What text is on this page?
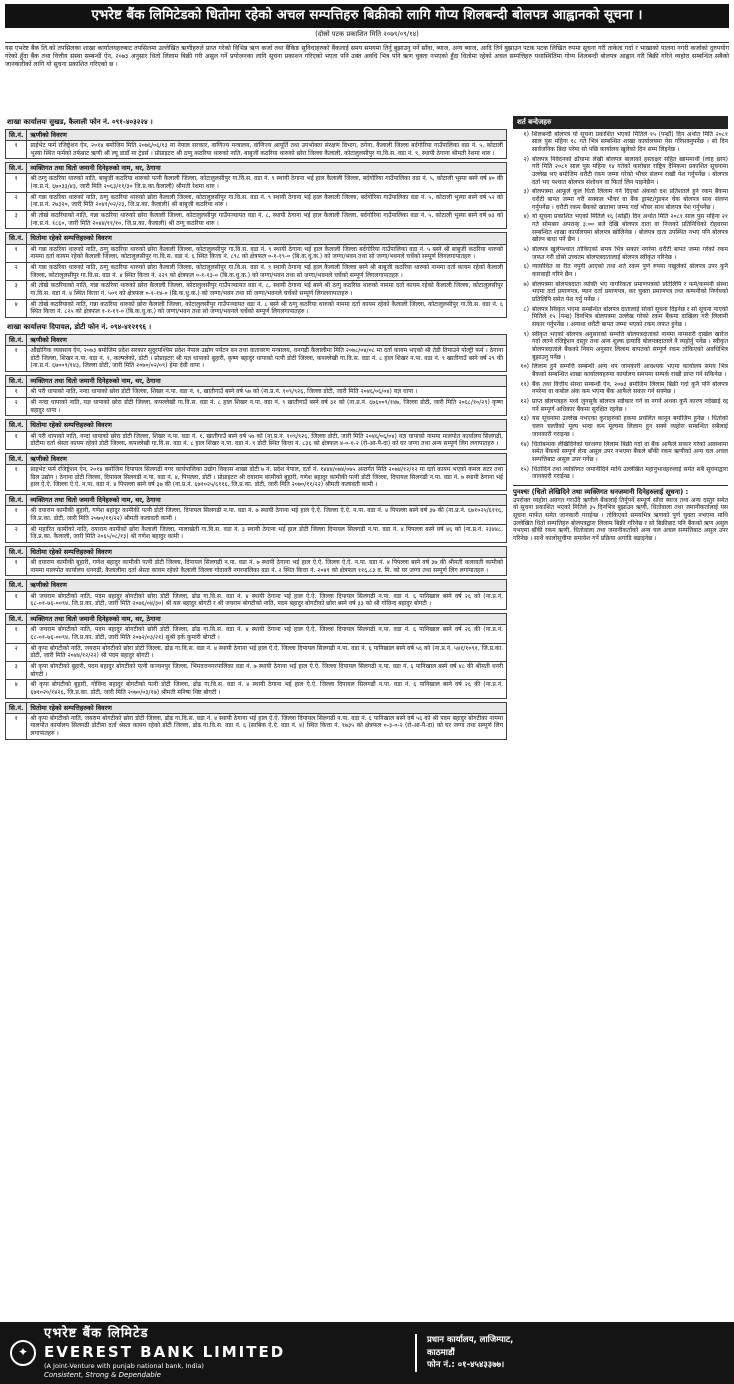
एभरेष्ट बैंक लिमिटेडको धितोमा रहेको अचल सम्पत्तिहरु बिक्रीको लागि गोप्य शिलबन्दी बोलपत्र आह्वानको सूचना ।
(दोस्रो पटक प्रकाशित मिति २०७९/०९/१४)
यस एभरेष्ट बैंक लि.को तपसिलका शाखा कार्यालयहरुबाट तपसिलमा उल्लेखित ऋणीहरुले प्राप्त गरेको विभिन्न ऋण कर्जा तथा बैंकिङ सुविधाहरुको बैंकलाई समय समयमा तिर्नु बुझाउनु पर्ने साँवा, ब्याज, अन्य ब्याज, आदि तिर्न बुझाउन पटक पटक लिखित रुपमा सूचना गरी ताकेता गर्दा र भाखाको पालना नगरी कर्जाको दुरुपयोग गरेको हुँदा बैंक तथा वित्तीय संस्था सम्बन्धी ऐन, २०७३ अनुसार धितो लिलाम बिक्री गरी असुल गर्ने प्रयोजनका लागि सूचना प्रकाशन गरिएको भएता पनि उक्त अवधि भित्र पनि ऋण चुक्ता नभएको हुँदा धितोमा रहेको अचल सम्पत्तिहरु यथास्थितिमा गोप्य शिलबन्दी बोलपत्र आह्वान गरी बिक्री गरिने व्यहोरा सम्बन्धित सबैको जानकारीको लागि यो सूचना प्रकाशित गरिएको छ ।
शाखा कार्यालयः सुखड, कैलाली फोन नं. ०९१-४०३२२४ ।
सि.नं.	ऋणीको विवरण
१	प्राईभेट फर्म रजिष्ट्रेशन ऐन, २०१४ बमोजिम मिति २०७६/०६/१३ मा नेपाल सरकार, वाणिज्य मन्त्रालय, वाणिज्य आपूर्ति तथा उपभोक्ता संरक्षण विभाग, ठगेना, कैलाली जिल्ला बर्दगोरिया गाउँपालिका वडा नं. ५, कोटाली भुस्या स्थित फर्मको तर्फबाट ऋणी श्री ल्यू डाडाँ मा ट्रेडर्स । प्रोप्राइटरः श्री ठग्गु कठरिया थारुको नाति, बाबुजी कठरिया थारुको छोरा जिल्ला कैलाली, कोटालुलसीपुर गा.वि.स. वडा नं. ९, स्थायी ठेगाना श्रीमती रेशमा थारु ।
सि.नं.	व्यक्तिगत तथा धितो जमानी दिनेहरुको नाम, थर, ठेगाना
१	श्री ठग्गु कठरिया थारुको नाति, बाबुजी कठरिया थारुको पत्नी कैलाली जिल्ला, कोटालुलसीपुर गा.वि.स. वडा नं. ९ स्थायी ठेगाना भई हाल कैलाली जिल्ला, बर्दगोरिया गाउँपालिका वडा नं. ५, कोटाली भुस्या बस्ने वर्ष ४० की (ना.प्र.नं. ६७०३३/४३, जारी मिति २०६३/११/३० जि.प्र.का.कैलाली) श्रीमती रेशमा थारु ।
२	श्री गन्ना कठरिया थारुको नाति, ठग्गु कठरिया थारुको छोरा कैलाली जिल्ला, कोटालुलसीपुर गा.वि.स. वडा नं. ९ स्थायी ठेगाना भई हाल कैलाली जिल्ला, बर्दगोरिया गाउँपालिका वडा नं. ५, कोटाली भुस्या बस्ने वर्ष ५२ को (ना.प्र.नं. २७३२०, जारी मिति २०४१/०२/२३, जि.प्र.का. कैलाली) श्री बाबुजी कठरिया थारु ।
३	श्री तोखे कठरियाको नाति, गन्ना कठरिया थारुको छोरा कैलाली जिल्ला, कोटालुलसीपुर गाउँपञ्चायत वडा नं. ८, स्थायी ठेगाना भई हाल कैलाली जिल्ला, बर्दगोरिया गाउँपालिका वडा नं. ५, कोटाली भुस्या बस्ने वर्ष ७३ को (ना.प्र.नं. १८६०, जारी मिति २०४४/११/१०, जि.प्र.का. कैलाली) श्री ठग्गु कठरिया थारु ।
सि.नं.	धितोमा रहेको सम्पत्तिहरुको विवरण
१	श्री गन्ना कठरिया थारुको नाति, ठग्गु कठरिया थारुको छोरा कैलाली जिल्ला, कोटालुलसीपुर गा.वि.स. वडा नं. ९ स्थायी ठेगाना भई हाल कैलाली जिल्ला बर्दगोरिया गाउँपालिका वडा नं. ५ बस्ने श्री बाबुजी कठरिया थारुको नाममा दर्ता कायम रहेको कैलाली जिल्ला, कोटालुलसीपुर गा.वि.स. वडा नं. ६ स्थित कित्ता नं. ८९८ को क्षेत्रफल ०-१-१९-० (बि.क.धु.क.) को जग्गा/भवन तथा सो जग्गा/भवनले चर्चेको सम्पूर्ण लिगलगापातहरु ।
२	श्री गन्ना कठरिया थारुको नाति, ठग्गु कठरिया थारुको छोरा कैलाली जिल्ला, कोटालुलसीपुर गा.वि.स. वडा नं. ९ स्थायी ठेगाना भई हाल कैलाली जिल्ला बस्ने श्री बाबुजी कठरिया थारुको नाममा दर्ता कायम रहेको कैलाली जिल्ला, कोटालुलसीपुर गा.वि.स. वडा नं. ४ स्थित कित्ता नं. २२९ को क्षेत्रफल ०-१-१३-० (बि.क.धु.क.) को जग्गा/भवन तथा सो जग्गा/भवनले चर्चेको सम्पूर्ण लिगलगापातहरु ।
३	श्री तोखे कठरियाको नाति, गन्ना कठरिया थारुको छोरा कैलाली जिल्ला, कोटालुलसीपुर गाउँपञ्चायत वडा नं. ८, स्थायी ठेगाना भई बस्ने श्री ठग्गु कठरिया थारुको नाममा दर्ता कायम रहेको कैलाली जिल्ला, कोटालुलसीपुर गा.वि.स. वडा नं. ४ स्थित कित्ता नं. ५०९ को क्षेत्रफल ०-१-१४-० (बि.क.धु.क.) को जग्गा/भवन तथा सो जग्गा/भवनले चर्चेको सम्पूर्ण लिगलगापातहरु ।
४	श्री तोखे कठरियाको नाति, गन्ना कठरिया थारुको छोरा कैलाली जिल्ला, कोटालुलसीपुर गाउँपञ्चायत वडा नं. ८ बस्ने श्री ठग्गु कठरिया थारुको नाममा दर्ता कायम रहेको कैलाली जिल्ला, कोटालुलसीपुर गा.वि.स. वडा नं. ६ स्थित कित्ता नं. ८२५ को क्षेत्रफल १-१-१९-० (बि.क.धु.क.) को जग्गा/भवन तथा सो जग्गा/भवनले चर्चेको सम्पूर्ण लिगलगापातहरु ।
शाखा कार्यालयः दिपायल, डोटी फोन नं. ०९४-४१२१९६ ।
सि.नं.	ऋणीको विवरण
१	औद्योगिक व्यवसाय ऐन, २०७३ बमोजिम प्रदेश सरकार सुदुरपश्चिम प्रदेश नेपाल उद्योग पर्यटन वन तथा वातावरण मन्त्रालय, धनगढी कैलालीमा मिति २०७८/०४/०८ मा दर्ता कायम भएको श्री तेडी तिमाउने पोल्ट्री फर्म । ठेगाना डोटी जिल्ला, शिखर न.पा. वडा नं. १, कल्पलेको, डोटी । प्रोप्राइटरः श्री यज्ञ धापाको बुहारी, कृष्ण बहादुर धापाको पत्नी डोटी जिल्ला, कपल्लेखी गा.वि.स. वडा नं. ८ हाल शिखर न.पा. वडा नं. ९ खातीगाउँ बस्ने वर्ष २९ की (ना.प्र.नं. ६७००९/१४३, जिल्ला डोटी, जारी मिति २०७०/०२/०९) हेमा देवी धापा ।
सि.नं.	व्यक्तिगत तथा धितो जमानी दिनेहरुको नाम, थर, ठेगाना
१	श्री परी धापाको नाति, नन्दा धापाको छोरा डोटी जिल्ला, शिखर न.पा. वडा नं. १, खातीगाउँ बस्ने वर्ष ५७ को (ना.प्र.नं. १०९/९२६, जिल्ला डोटी, जारी मिति २०४६/०६/०४) यज्ञ धापा ।
२	श्री नन्दा धापाको नाति, यज्ञ धापाको छोरा डोटी जिल्ला, कपल्लेखी गा.वि.स. वडा नं. ८ हाल शिखर न.पा. वडा नं. ९ खातीगाउँ बस्ने वर्ष ३१ को (ना.प्र.नं. ६७६००९/१४७, जिल्ला डोटी, जारी मिति २०६८/१०/२९) कृष्ण बहादुर धापा ।
सि.नं.	धितोमा रहेको सम्पत्तिहरुको विवरण
१	श्री परी धापाको नाति, नन्दा धापाको छोरा डोटी जिल्ला, शिखर न.पा. वडा नं. १, खातीगाउँ बस्ने वर्ष ५७ को (ना.प्र.नं. १०९/९२६, जिल्ला डोटी, जारी मिति २०४६/०६/०४) यज्ञ धापाको नाममा मालपोत कार्यालय सिलगढी, डोटीमा दर्ता श्रेस्ता कायम रहेको डोटी जिल्ला, कपल्लेखी गा.वि.स. वडा नं. ८ हाल शिखर न.पा. वडा नं. ९ डोटी स्थित कित्ता नं. ८३६ को क्षेत्रफल ४-०-१-२ (रो-आ-पै-दा) को घर जग्गा तथा अन्य सम्पूर्ण लिग लगापातहरु ।
सि.नं.	ऋणीको विवरण
१	प्राइभेट फर्म रजिष्ट्रेशन ऐन, २०१४ बमोजिम दिपायल सिलगढी नगर कार्यपालिका उद्योग विकास शाखा डोटी ७ नं. प्रदेश नेपाल, दर्ता नं. १४४४/०७४/०७५ अन्तर्गत मिति २०७४/१२/१२ मा दर्ता कायम भएको कमल सटर तथा ग्रिल उद्योग । ठेगाना डोटी जिल्ला, दिपायल सिलगढी न.पा. वडा नं. ४, पिपल्ला, डोटी । प्रोप्राइटरः श्री दयाराम कामीको बुहारी, गणेश बहादुर कामीकी पत्नी डोटी जिल्ला, दिपायल सिलगढी न.पा. वडा नं. ७ स्थायी ठेगाना भई हाल ऐ.ऐ. जिल्ला ऐ.ऐ. न.पा. वडा नं. ४ पिपल्ला बस्ने वर्ष ३७ की (ना.प्र.नं. ६७१०२५/६११६, जि.प्र.का. डोटी, जारी मिति २०७०/११/२२) श्रीमती कलावती कामी ।
सि.नं.	व्यक्तिगत तथा धितो जमानी दिनेहरुको नाम, थर, ठेगाना
१	श्री दयाराम कामीकी बुहारी, गणेश बहादुर कामीकी पत्नी डोटी जिल्ला, दिपायल सिलगढी न.पा. वडा नं. ७ स्थायी ठेगाना भई हाल ऐ.ऐ. जिल्ला ऐ.ऐ. न.पा. वडा नं. ४ पिपल्ला बस्ने वर्ष ३७ की (ना.प्र.नं. ६७१०२५/६११६, जि.प्र.का. डोटी, जारी मिति २०७०/११/२२) श्रीमती कलावती कामी ।
२	श्री महारित कामीको नाति, दयाराम कामीको छोरा कैलाली जिल्ला, मालाखेती गा.वि.स. वडा नं. ३ स्थायी ठेगाना भई हाल डोटी जिल्ला दिपायल सिलगढी न.पा. वडा नं. ४ पिपल्ला बस्ने वर्ष ४६ को (ना.प्र.नं. २३४४८, जि.प्र.का. कैलाली, जारी मिति २०६५/०८/१३) श्री गणेश बहादुर कामी ।
सि.नं.	धितोमा रहेको सम्पत्तिहरुको विवरण
१	श्री दयाराम कामीकी बुहारी, गणेश बहादुर कामीकी पत्नी डोटी जिल्ला, दिपायल सिलगढी न.पा. वडा नं. ७ स्थायी ठेगाना भई हाल ऐ.ऐ. जिल्ला ऐ.ऐ. न.पा. वडा नं. ४ पिपल्ला बस्ने वर्ष ३७ की श्रीमती कलावती कामीको नाममा मालपोत कार्यालय धनगढी, कैलालीमा दर्ता श्रेस्ता कायम रहेको कैलाली जिल्ला गोदावरी नगरपालिका वडा नं. २ स्थित कित्ता नं. २०४१ को क्षेत्रफल ११६.८३ व. मि. को घर जग्गा तथा सम्पूर्ण लिग लगापातहरु ।
सि.नं.	ऋणीको विवरण
१	श्री जयराम बोगटीको नाति, पदम बहादुर बोगटीको छोरा डोटी जिल्ला, ढोढ गा.वि.स. वडा नं. ४ स्थायी ठेगाना भई हाल ऐ.ऐ. जिल्ला दिपायल सिलगढी न.पा. वडा नं. ६ पानिखाल बस्ने वर्ष २६ को (ना.प्र.नं. ६८-०१-७६-००९४, जि.प्र.का. डोटी, जारी मिति २०७६/०४/३०) श्री यस बहादुर बोगटी र श्री जयराम बोगटीको नाति, पदम बहादुर बोगटीको छोरा बस्ने वर्ष ३३ को श्री गोविन्द बहादुर बोगटी ।
सि.नं.	व्यक्तिगत तथा धितो जमानी दिनेहरुको नाम, थर, ठेगाना
१	श्री जयराम बोगटीको नाति, पदम बहादुर बोगटीको छोरी डोटी जिल्ला, ढोढ गा.वि.स. वडा नं. ४ स्थायी ठेगाना भई हाल ऐ.ऐ. जिल्ला दिपायल सिलगढी न.पा. वडा नं. ६ पानिखाल बस्ने वर्ष २६ की (ना.प्र.नं. ६८-०१-७६-००९४, जि.प्र.का. डोटी, जारी मिति २०७२/०३/२१) सुश्री हर्क कुमारी बोगटी ।
२	श्री कृपा बोगटीको नाति, जयराम बोगटीको छोरा डोटी जिल्ला, ढोढ गा.वि.स. वडा नं. ४ स्थायी ठेगाना भई हाल ऐ.ऐ. जिल्ला दिपायल सिलगढी न.पा. वडा नं. ६ पानिखाल बस्ने वर्ष ५६ को (ना.प्र.नं. ५४१/१०९१, जि.प्र.का. डोटी, जारी मिति २०४४/१२/२२) श्री पदम बहादुर बोगटी ।
३	श्री कृपा बोगटीको बुहारी, पदम बहादुर बोगटीको पत्नी कञ्चनपुर जिल्ला, भिमदत्तनगरपालिका वडा नं. ७ स्थायी ठेगाना भई हाल ऐ.ऐ. जिल्ला दिपायल सिलगढी न.पा. वडा नं. ६ पानिखाल बस्ने वर्ष ४८ की श्रीमती धनरी बोगटी ।
४	श्री कृपा बोगटीको बुहारी, गोविन्द बहादुर बोगटीको पत्नी डोटी जिल्ला, ढोढ गा.वि.स. वडा नं. ४ स्थायी ठेगाना भई हाल ऐ.ऐ. जिल्ला दिपायल सिलगढी न.पा. वडा नं. ६ पानिखाल बस्ने वर्ष २६ की (ना.प्र.नं. ६७१०२०/१४२६, जि.प्र.का. डोटी, जारी मिति २०७०/०३/१७) श्रीमती मनिषा थिष्ट बोगटी ।
सि.नं.	धितोमा रहेको सम्पत्तिहरुको विवरण
१	श्री कृपा बोगटीको नाति, जयराम बोगटीको छोरा डोटी जिल्ला, ढोढ गा.वि.स. वडा नं. ४ स्थायी ठेगाना भई हाल ऐ.ऐ. जिल्ला दिपायल सिलगढी न.पा. वडा नं. ६ पानिखाल बस्ने वर्ष ५६ को श्री पदम बहादुर बोगटीका नाममा मालपोत कार्यालय सिलगढी डोटीमा दर्ता श्रेस्ता कायम रहेको डोटी जिल्ला, ढोढ गा.वि.स. वडा नं. ६ (साबिक ऐ.ऐ. वडा नं. ४) स्थित कित्ता नं. १७३५ को क्षेत्रफल ०-३-०-२ (रो-आ-पै-दा) को घर जग्गा तथा सम्पूर्ण लिग लगापातहरु ।
शर्त बन्देजहरु
१) शिलबन्दी बोलपत्र यो सूचना प्रकाशित भएको मितिले १५ (पन्ध्रौं) दिन अर्थात मिति २०८१ साल पुस महिना १८ गते भित्र सम्बन्धित शाखा कार्यालयमा पेस गरिसक्नुपर्नेछ । सो दिन सार्वजनिक बिदा परेमा सो पछि कार्यालय खुलेको दिन सम्म लिइनेछ ।
२) बोलपत्र निवेदनको ढाँचामा लेखी बोलपत्र बालाको हस्ताक्षर सहित खाममाथी (लाह छाप) गरी मिति २०८१ साल पुस महिना १४ गतेको कारोबार राष्ट्रिय दैनिकमा प्रकाशित सूचनामा उल्लेख भए बमोजिम धरौटी रकम जम्मा गरेको भौचर संलग्न राखी पेश गर्नुपर्नेछ । बोलपत्र दर्ता भए पश्चात बोलपत्र संशोधन वा फिर्ता लिन पाइनेछैन ।
३) बोलपत्रमा आफूले कुल धितो लिलाम गर्न दिएको अंकको दश प्रतिशतले हुने रकम बैंकमा धरौटी बापत जम्मा गरी सक्कल भौचर वा बैंक ड्राफ्ट/गुडफर चेक बोलपत्र साथ संलग्न गर्नुपर्नेछ । धरौटी रकम बैंकको खातामा जम्मा गर्दा भौचर साथ बोलपत्र पेश गर्नुपर्नेछ ।
४) यो सूचना प्रकाशित भएको मितिले १६ (सोह्रौं) दिन अर्थात मिति २०८१ साल पुस महिना २१ गते सोमबार अपरान्ह ३:०० बजे देखि बोलपत्र दाता वा निजको प्रतिनिधिको रोहवरमा सम्बन्धित शाखा कार्यालयमा बोलपत्र खोलिनेछ । बोलपत्र दाता उपस्थित नभए पनि बोलपत्र खोल्न बाधा पर्ने छैन ।
५) बोलपत्र खुलेपश्चात तोकिएको समय भित्र सकार नगरेमा धरौटी बापत जम्मा गरेको रकम जफत गरी दोस्रो उच्चतम बोलपत्रदातालाई बोलपत्र स्वीकृत गरिनेछ ।
६) न्यायोचित वा रीत नपुगी आएको तथा शर्त रकम पूर्ण रुपमा नखुलेको बोलपत्र उपर कुनै कारवाही गरिने छैन ।
७) बोलपत्रमा बोलपत्रदाता व्यक्ति भए नागरिकता प्रमाणपत्रको प्रतिलिपि र फर्म/कम्पनी संस्था भएमा दर्ता प्रमाणपत्र, प्यान दर्ता प्रमाणपत्र, कर चुक्ता प्रमाणपत्र तथा कम्पनीको निर्णयको प्रतिलिपि समेत पेश गर्नु पर्नेछ ।
८) बोलपत्र स्विकृत भएमा सम्बन्धित बोलपत्र दातालाई सोको सूचना दिइनेछ र सो सूचना पाएको मितिले १५ (पन्ध्र) दिनभित्र बोलपत्रमा उल्लेख गरेको रकम बैंकमा दाखिला गरी लिलामी सकार गर्नुपर्नेछ । अन्यथा धरौटी बापत जम्मा भएको रकम जफत हुनेछ ।
९) स्वीकृत भएको बोलपत्र अनुसारको सम्पत्ति बोलपत्रदाताको नाममा नामसारी दाखेल खारेज गर्दा लाग्ने रजिष्ट्रेशन दस्तुर तथा अन्य शुल्क इत्यादि बोलपत्रदाताले नै व्यहोर्नु पर्नेछ । स्वीकृत बोलपत्रदाताले बैंकको नियम अनुसार लिलाम बापतको सम्पूर्ण रकम तोकिएको अवधिभित्र बुझाउनु पर्नेछ ।
१०) लिलाम हुने सम्पत्ति सम्बन्धी अन्य थप जानकारी आवश्यक भएमा कार्यालय समय भित्र बैंकको सम्बन्धित शाखा कार्यालयहरुमा कार्यालय समयमा सम्पर्क राखी प्राप्त गर्न सकिनेछ ।
११) बैंक तथा वित्तीय संस्था सम्बन्धी ऐन, २०७३ बमोजिम लिलाम बिक्री गर्दा कुनै पनि बोलपत्र नपरेमा वा कबोल अंक कम भएमा बैंक आफैले सकार गर्न सक्नेछ ।
१२) प्राप्त बोलपत्रहरु मध्ये जुनसुकै बोलपत्र स्वीकार गर्ने वा नगर्ने अथवा कुनै कारण नदेखाई रद्द गर्ने सम्पूर्ण अधिकार बैंकमा सुरक्षित रहनेछ ।
१३) यस सूचनामा उल्लेख नभएका कुराहरुको हकमा प्रचलित कानून बमोजिम हुनेछ । धितोको चलन चल्तीको मूल्य भन्दा कम मूल्यमा लिलाम हुन सक्ने व्यहोरा सम्बन्धित सबैलाई जानकारी गराइन्छ ।
१४) धितोबन्धक लेखिदिनेको घरजग्गा लिलाम बिक्री गर्दा वा बैंक आफैले सकार गरेको अवस्थामा समेत बैंकको सम्पूर्ण लेना असुल उपर नभएमा बैंकले बाँकी रकम ऋणीको अन्य चल अचल सम्पत्तिबाट असुल उपर गर्नेछ ।
१५) धितोदिने तथा व्यक्तिगत जमानीदिने माथि उल्लेखित महानुभावहरुलाई समेत सबै सूचनाद्वारा जानकारी गराईन्छ ।
पुनश्चः (धितो लेखिदिने तथा व्यक्तिगत धनजमानी दिनेहरुलाई सूचना) :
उपरोक्त व्यहोरा अवगत गराउँदै ऋणीले बैंकलाई तिर्नुपर्ने सम्पूर्ण साँवा ब्याज तथा अन्य दस्तुर समेत यो सूचना प्रकाशित भएको मितिले ३५ दिनभित्र बुझाउन ऋणी, धितोवाला तथा जमानीकर्तालाई यस सूचना मार्फत समेत जानकारी गराईन्छ । तोकिएको समयभित्र ऋणको पूर्ण चुक्ता नभएमा माथि उल्लेखित धितो सम्पत्तिहरु बोलपत्रद्वारा लिलाम बिक्री गरिनेछ र सो बिक्रीबाट पनि बैंकको ऋण असुल नभएमा बाँकी रकम ऋणी, धितोवाला तथा जमानीकर्ताको अन्य चल अचल सम्पत्तिबाट असुल उपर गरिनेछ । साथै कालोसूचीमा समावेश गर्ने प्रक्रिया अगाडि बढाइनेछ ।
✦
एभरेष्ट बैंक लिमिटेड
EVEREST BANK LIMITED
(A Joint-Venture with punjab national bank, India)
Consistent, Strong & Dependable
प्रधान कार्यालय, लाजिम्पाट,
काठमाडौं
फोन नं.: ०१-४५४३३७७।
